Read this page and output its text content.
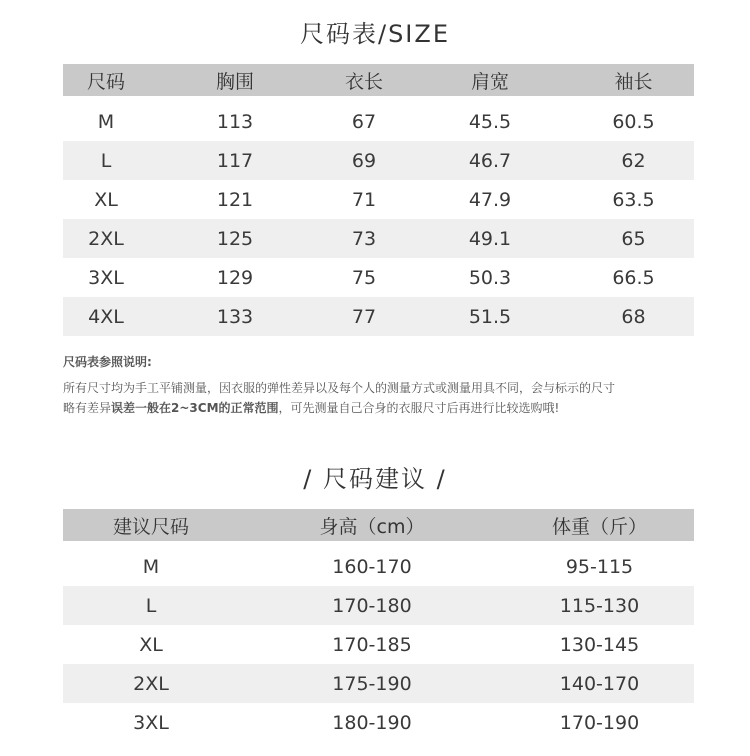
尺码表/SIZE
尺码	胸围	衣长	肩宽	袖长

M	113	67	45.5	60.5
L	117	69	46.7	62
XL	121	71	47.9	63.5
2XL	125	73	49.1	65
3XL	129	75	50.3	66.5
4XL	133	77	51.5	68
尺码表参照说明:
所有尺寸均为手工平铺测量，因衣服的弹性差异以及每个人的测量方式或测量用具不同，会与标示的尺寸
略有差异误差一般在2~3CM的正常范围，可先测量自己合身的衣服尺寸后再进行比较选购哦!
/ 尺码建议 /
建议尺码	身高（cm）	体重（斤）

M	160-170	95-115
L	170-180	115-130
XL	170-185	130-145
2XL	175-190	140-170
3XL	180-190	170-190
